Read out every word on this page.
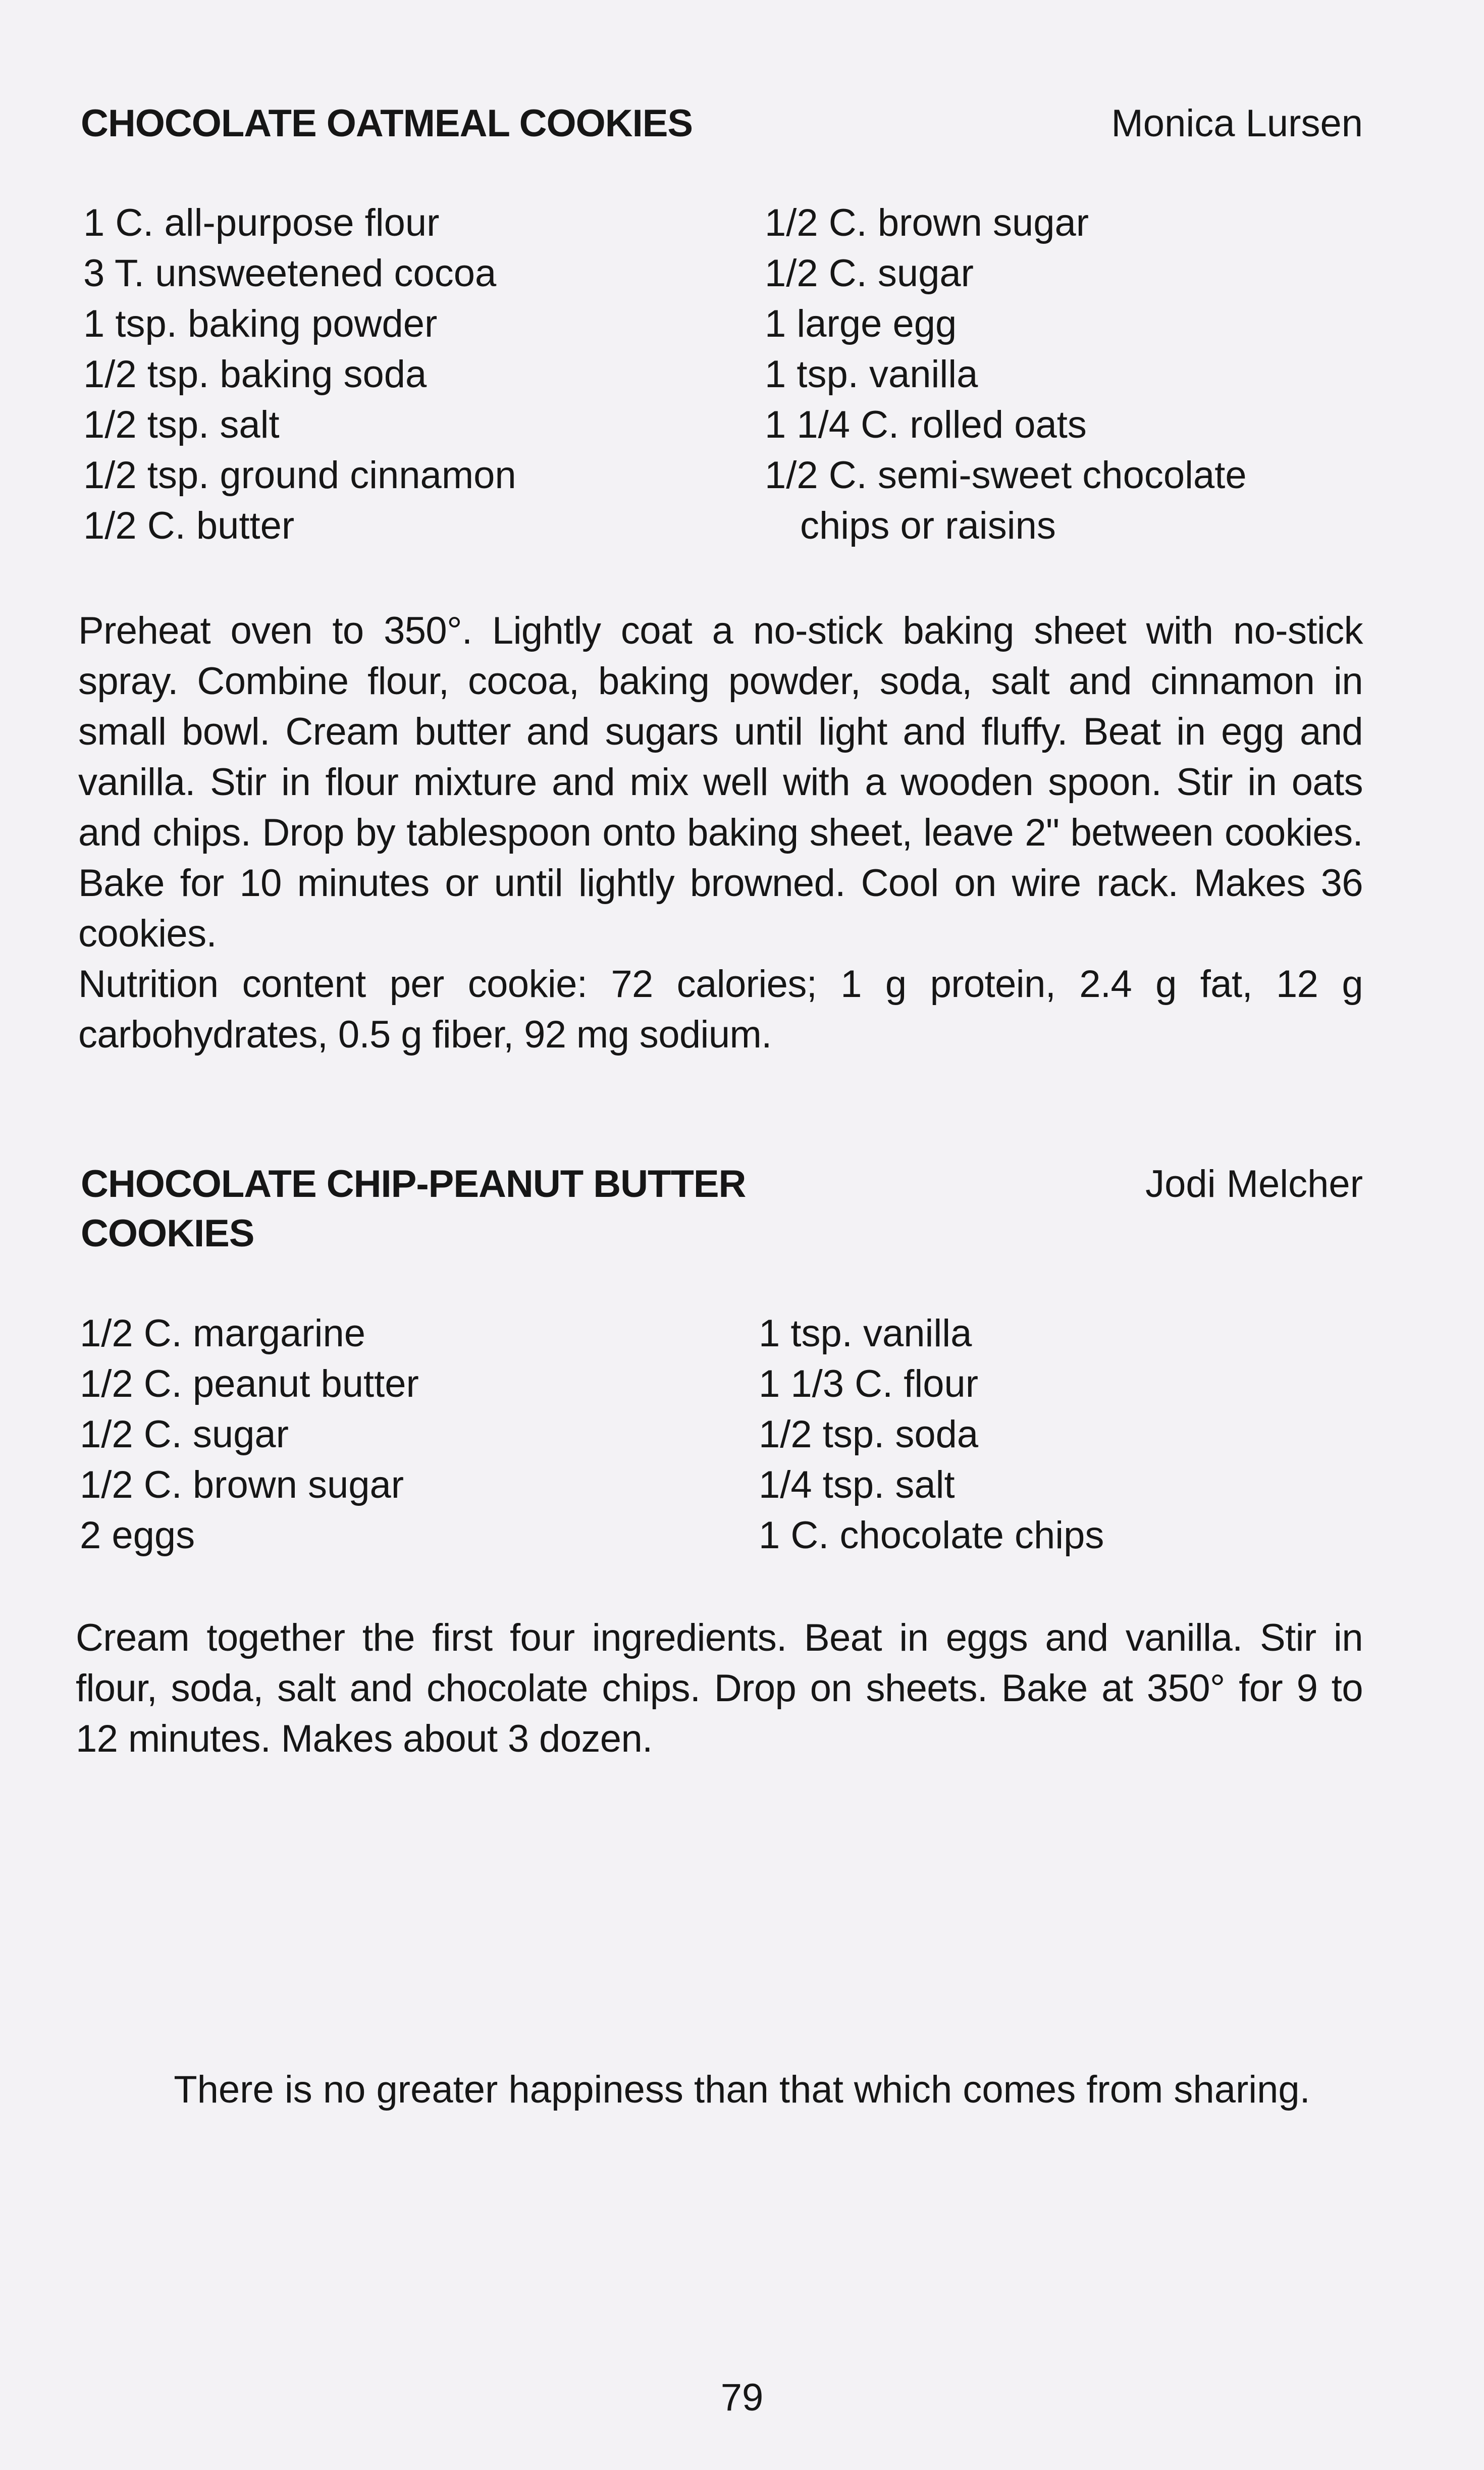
CHOCOLATE OATMEAL COOKIES	Monica Lursen
1 C. all-purpose flour
3 T. unsweetened cocoa
1 tsp. baking powder
1/2 tsp. baking soda
1/2 tsp. salt
1/2 tsp. ground cinnamon
1/2 C. butter
1/2 C. brown sugar
1/2 C. sugar
1 large egg
1 tsp. vanilla
1 1/4 C. rolled oats
1/2 C. semi-sweet chocolate
chips or raisins
Preheat oven to 350°. Lightly coat a no-stick baking sheet with no-stick spray. Combine flour, cocoa, baking powder, soda, salt and cinnamon in small bowl. Cream butter and sugars until light and fluffy. Beat in egg and vanilla. Stir in flour mixture and mix well with a wooden spoon. Stir in oats and chips. Drop by tablespoon onto baking sheet, leave 2" between cookies. Bake for 10 minutes or until lightly browned. Cool on wire rack. Makes 36 cookies.
Nutrition content per cookie: 72 calories; 1 g protein, 2.4 g fat, 12 g carbohydrates, 0.5 g fiber, 92 mg sodium.
CHOCOLATE CHIP-PEANUT BUTTER
COOKIES
Jodi Melcher
1/2 C. margarine
1/2 C. peanut butter
1/2 C. sugar
1/2 C. brown sugar
2 eggs
1 tsp. vanilla
1 1/3 C. flour
1/2 tsp. soda
1/4 tsp. salt
1 C. chocolate chips
Cream together the first four ingredients. Beat in eggs and vanilla. Stir in flour, soda, salt and chocolate chips. Drop on sheets. Bake at 350° for 9 to 12 minutes. Makes about 3 dozen.
There is no greater happiness than that which comes from sharing.
79
